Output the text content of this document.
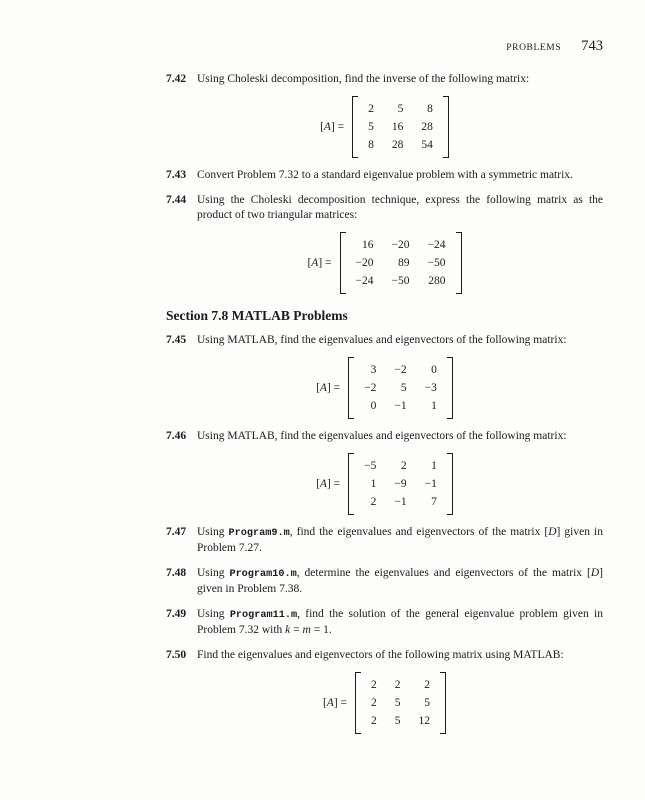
PROBLEMS 743
7.42 Using Choleski decomposition, find the inverse of the following matrix:
[A] =
2	5	8
5	16	28
8	28	54
7.43 Convert Problem 7.32 to a standard eigenvalue problem with a symmetric matrix.
7.44 Using the Choleski decomposition technique, express the following matrix as the product of two triangular matrices:
[A] =
16	−20	−24
−20	89	−50
−24	−50	280
Section 7.8 MATLAB Problems
7.45 Using MATLAB, find the eigenvalues and eigenvectors of the following matrix:
[A] =
3	−2	0
−2	5	−3
0	−1	1
7.46 Using MATLAB, find the eigenvalues and eigenvectors of the following matrix:
[A] =
−5	2	1
1	−9	−1
2	−1	7
7.47 Using Program9.m, find the eigenvalues and eigenvectors of the matrix [D] given in Problem 7.27.
7.48 Using Program10.m, determine the eigenvalues and eigenvectors of the matrix [D] given in Problem 7.38.
7.49 Using Program11.m, find the solution of the general eigenvalue problem given in Problem 7.32 with k = m = 1.
7.50 Find the eigenvalues and eigenvectors of the following matrix using MATLAB:
[A] =
2	2	2
2	5	5
2	5	12
